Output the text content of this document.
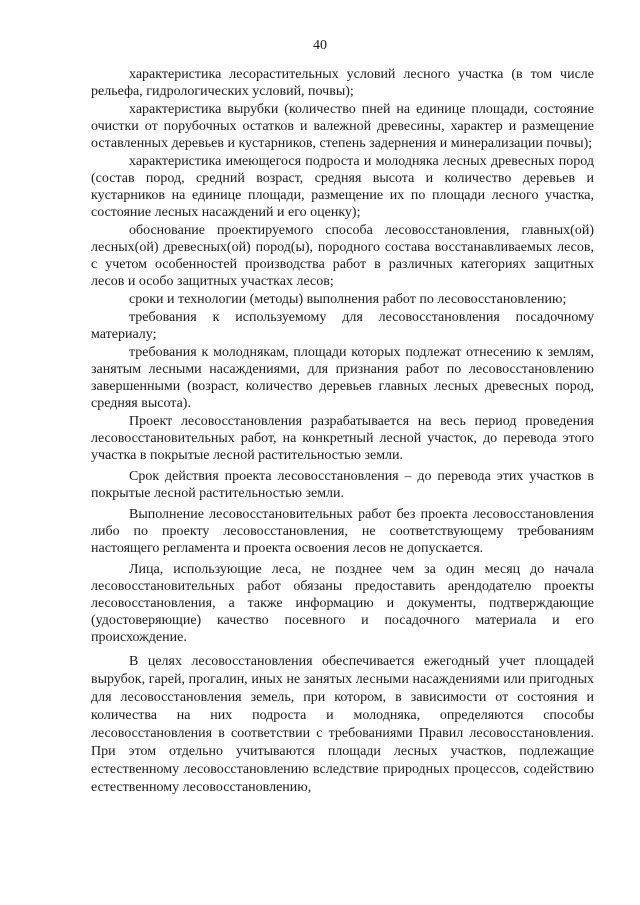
40

характеристика лесорастительных условий лесного участка (в том числе рельефа, гидрологических условий, почвы);

характеристика вырубки (количество пней на единице площади, состояние очистки от порубочных остатков и валежной древесины, характер и размещение оставленных деревьев и кустарников, степень задернения и минерализации почвы);

характеристика имеющегося подроста и молодняка лесных древесных пород (состав пород, средний возраст, средняя высота и количество деревьев и кустарников на единице площади, размещение их по площади лесного участка, состояние лесных насаждений и его оценку);

обоснование проектируемого способа лесовосстановления, главных(ой) лесных(ой) древесных(ой) пород(ы), породного состава восстанавливаемых лесов, с учетом особенностей производства работ в различных категориях защитных лесов и особо защитных участках лесов;

сроки и технологии (методы) выполнения работ по лесовосстановлению;

требования к используемому для лесовосстановления посадочному материалу;

требования к молоднякам, площади которых подлежат отнесению к землям, занятым лесными насаждениями, для признания работ по лесовосстановлению завершенными (возраст, количество деревьев главных лесных древесных пород, средняя высота).

Проект лесовосстановления разрабатывается на весь период проведения лесовосстановительных работ, на конкретный лесной участок, до перевода этого участка в покрытые лесной растительностью земли.

Срок действия проекта лесовосстановления – до перевода этих участков в покрытые лесной растительностью земли.

Выполнение лесовосстановительных работ без проекта лесовосстановления либо по проекту лесовосстановления, не соответствующему требованиям настоящего регламента и проекта освоения лесов не допускается.

Лица, использующие леса, не позднее чем за один месяц до начала лесовосстановительных работ обязаны предоставить арендодателю проекты лесовосстановления, а также информацию и документы, подтверждающие (удостоверяющие) качество посевного и посадочного материала и его происхождение.

В целях лесовосстановления обеспечивается ежегодный учет площадей вырубок, гарей, прогалин, иных не занятых лесными насаждениями или пригодных для лесовосстановления земель, при котором, в зависимости от состояния и количества на них подроста и молодняка, определяются способы лесовосстановления в соответствии с требованиями Правил лесовосстановления. При этом отдельно учитываются площади лесных участков, подлежащие естественному лесовосстановлению вследствие природных процессов, содействию естественному лесовосстановлению,
